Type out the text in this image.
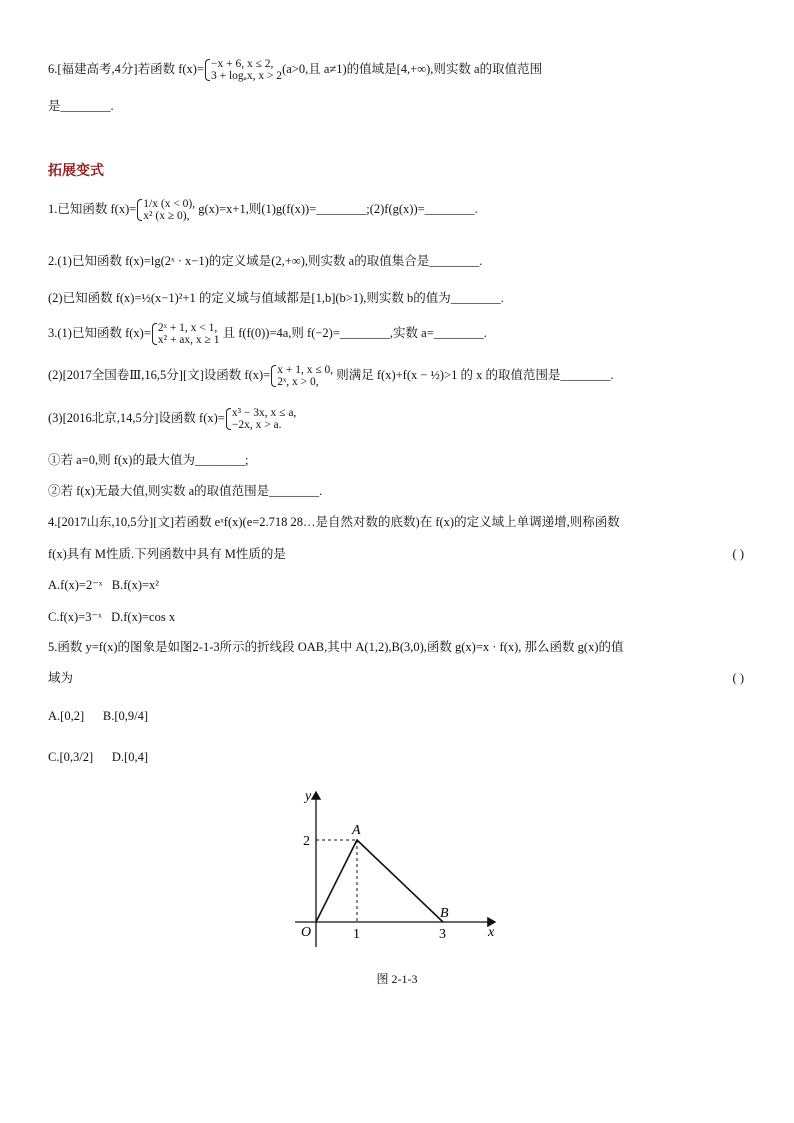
6.[福建高考,4分]若函数 f(x)= −x + 6, x ≤ 2,
3 + logₐx, x > 2
(a>0,且 a≠1)的值域是[4,+∞),则实数 a的取值范围
是________.
拓展变式
1.已知函数 f(x)= 1/x (x < 0),
x² (x ≥ 0),
g(x)=x+1,则(1)g(f(x))=________;(2)f(g(x))=________.
2.(1)已知函数 f(x)=lg(2ˣ · x−1)的定义域是(2,+∞),则实数 a的取值集合是________.
(2)已知函数 f(x)=½(x−1)²+1 的定义域与值域都是[1,b](b>1),则实数 b的值为________.
3.(1)已知函数 f(x)= 2ˣ + 1, x < 1,
x² + ax, x ≥ 1
且 f(f(0))=4a,则 f(−2)=________,实数 a=________.
(2)[2017全国卷Ⅲ,16,5分][文]设函数 f(x)= x + 1, x ≤ 0,
2ˣ, x > 0,
则满足 f(x)+f(x − ½)>1 的 x 的取值范围是________.
(3)[2016北京,14,5分]设函数 f(x)= x³ − 3x, x ≤ a,
−2x, x > a.
①若 a=0,则 f(x)的最大值为________;
②若 f(x)无最大值,则实数 a的取值范围是________.
4.[2017山东,10,5分][文]若函数 eˣf(x)(e=2.718 28…是自然对数的底数)在 f(x)的定义域上单调递增,则称函数
f(x)具有 M性质.下列函数中具有 M性质的是	( )
A.f(x)=2⁻ˣ B.f(x)=x²
C.f(x)=3⁻ˣ D.f(x)=cos x
5.函数 y=f(x)的图象是如图2-1-3所示的折线段 OAB,其中 A(1,2),B(3,0),函数 g(x)=x · f(x), 那么函数 g(x)的值
域为	( )
A.[0,2] B.[0,9/4]
C.[0,3/2] D.[0,4]
y
x
O
A
B
2
1	3
图 2-1-3
